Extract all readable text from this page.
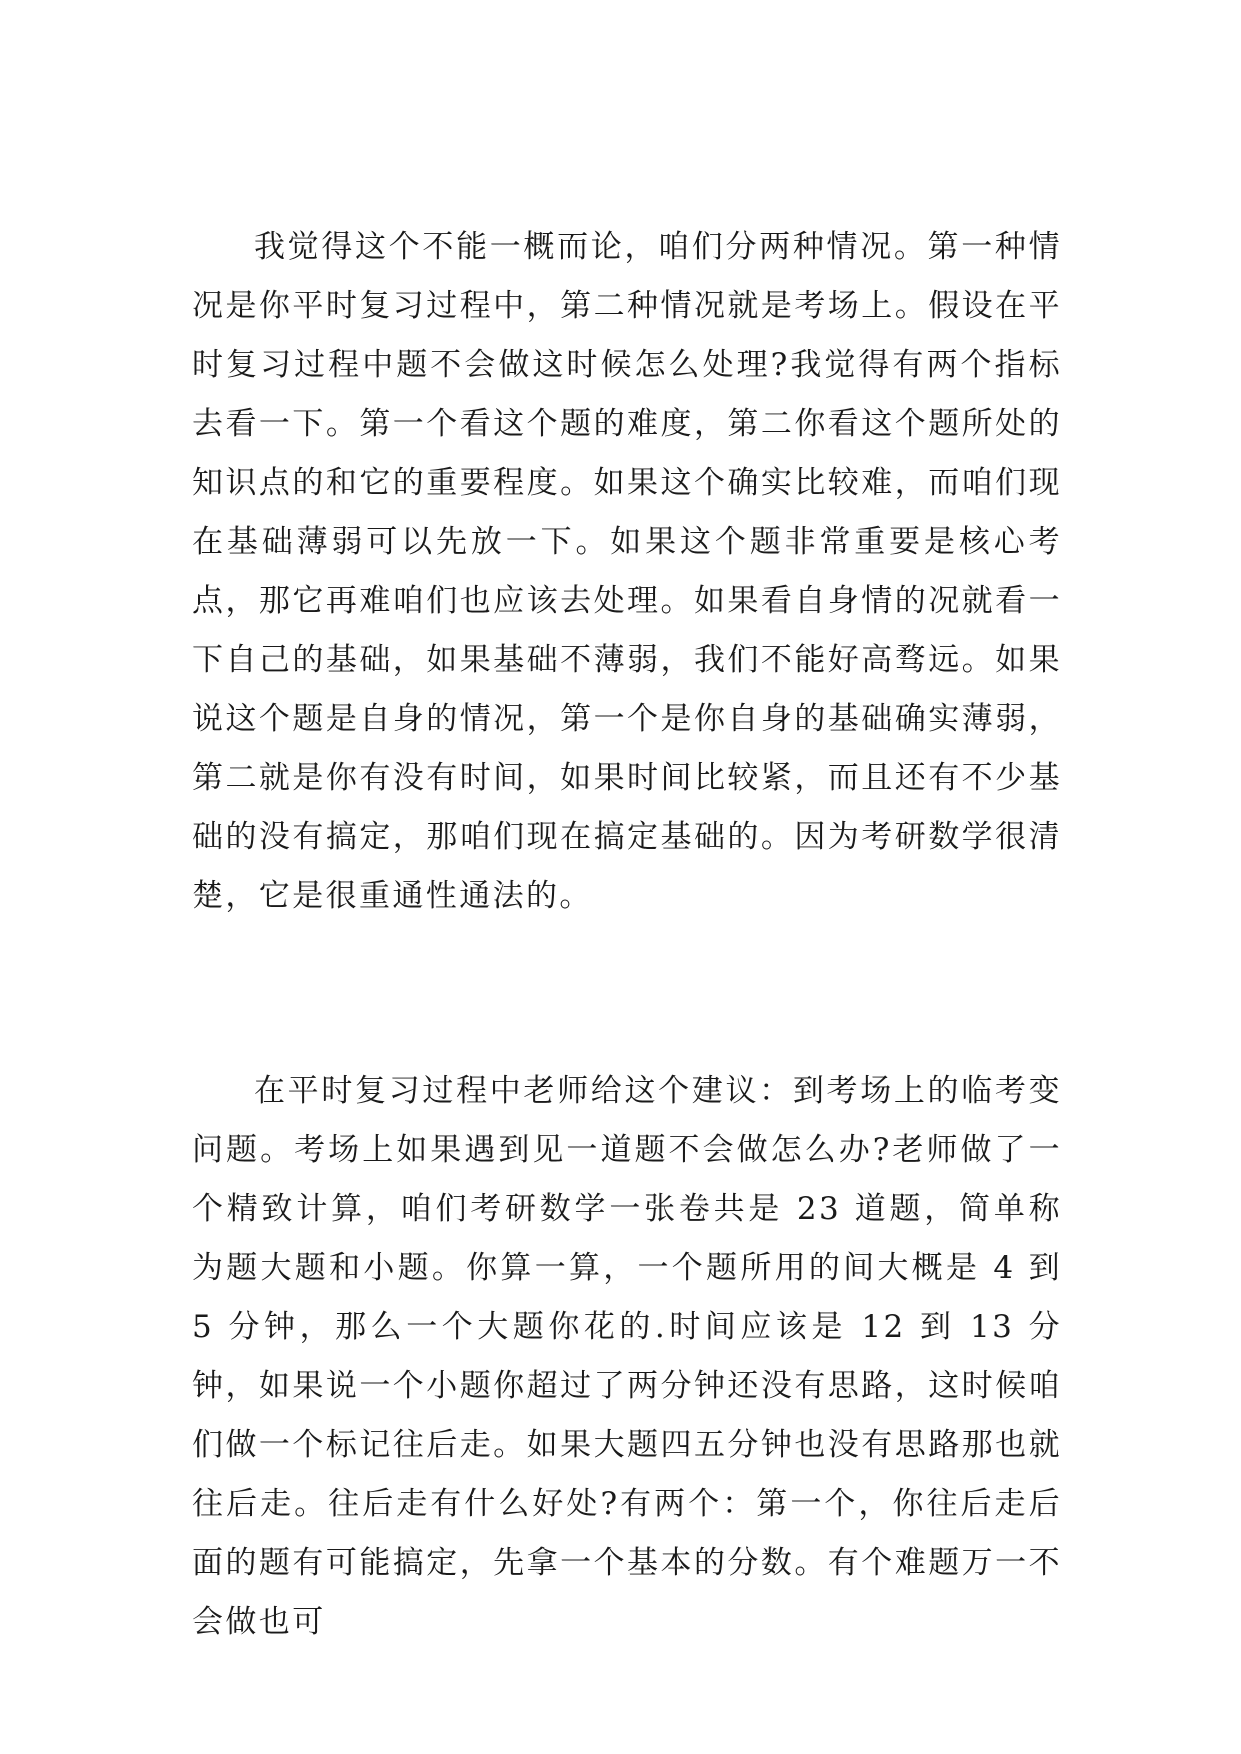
我觉得这个不能一概而论，咱们分两种情况。第一种情况是你平时复习过程中，第二种情况就是考场上。假设在平时复习过程中题不会做这时候怎么处理?我觉得有两个指标去看一下。第一个看这个题的难度，第二你看这个题所处的知识点的和它的重要程度。如果这个确实比较难，而咱们现在基础薄弱可以先放一下。如果这个题非常重要是核心考点，那它再难咱们也应该去处理。如果看自身情的况就看一下自己的基础，如果基础不薄弱，我们不能好高骛远。如果说这个题是自身的情况，第一个是你自身的基础确实薄弱，第二就是你有没有时间，如果时间比较紧，而且还有不少基础的没有搞定，那咱们现在搞定基础的。因为考研数学很清楚，它是很重通性通法的。

在平时复习过程中老师给这个建议：到考场上的临考变问题。考场上如果遇到见一道题不会做怎么办?老师做了一个精致计算，咱们考研数学一张卷共是 23 道题，简单称为题大题和小题。你算一算，一个题所用的间大概是 4 到 5 分钟，那么一个大题你花的.时间应该是 12 到 13 分钟，如果说一个小题你超过了两分钟还没有思路，这时候咱们做一个标记往后走。如果大题四五分钟也没有思路那也就往后走。往后走有什么好处?有两个：第一个，你往后走后面的题有可能搞定，先拿一个基本的分数。有个难题万一不会做也可
